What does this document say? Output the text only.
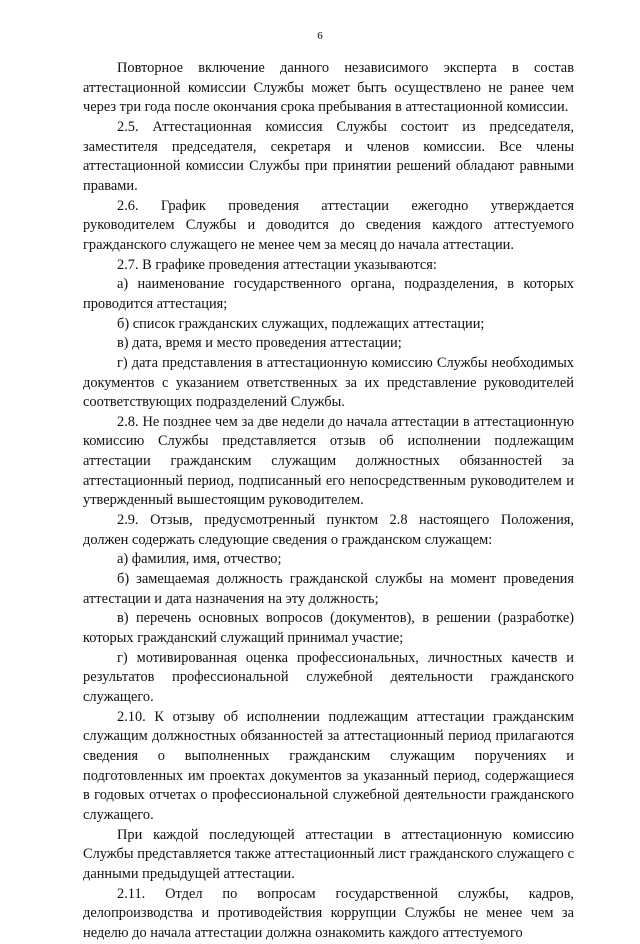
6

Повторное включение данного независимого эксперта в состав аттестационной комиссии Службы может быть осуществлено не ранее чем через три года после окончания срока пребывания в аттестационной комиссии.

2.5. Аттестационная комиссия Службы состоит из председателя, заместителя председателя, секретаря и членов комиссии. Все члены аттестационной комиссии Службы при принятии решений обладают равными правами.

2.6. График проведения аттестации ежегодно утверждается руководителем Службы и доводится до сведения каждого аттестуемого гражданского служащего не менее чем за месяц до начала аттестации.

2.7. В графике проведения аттестации указываются:

а) наименование государственного органа, подразделения, в которых проводится аттестация;

б) список гражданских служащих, подлежащих аттестации;

в) дата, время и место проведения аттестации;

г) дата представления в аттестационную комиссию Службы необходимых документов с указанием ответственных за их представление руководителей соответствующих подразделений Службы.

2.8. Не позднее чем за две недели до начала аттестации в аттестационную комиссию Службы представляется отзыв об исполнении подлежащим аттестации гражданским служащим должностных обязанностей за аттестационный период, подписанный его непосредственным руководителем и утвержденный вышестоящим руководителем.

2.9. Отзыв, предусмотренный пунктом 2.8 настоящего Положения, должен содержать следующие сведения о гражданском служащем:

а) фамилия, имя, отчество;

б) замещаемая должность гражданской службы на момент проведения аттестации и дата назначения на эту должность;

в) перечень основных вопросов (документов), в решении (разработке) которых гражданский служащий принимал участие;

г) мотивированная оценка профессиональных, личностных качеств и результатов профессиональной служебной деятельности гражданского служащего.

2.10. К отзыву об исполнении подлежащим аттестации гражданским служащим должностных обязанностей за аттестационный период прилагаются сведения о выполненных гражданским служащим поручениях и подготовленных им проектах документов за указанный период, содержащиеся в годовых отчетах о профессиональной служебной деятельности гражданского служащего.

При каждой последующей аттестации в аттестационную комиссию Службы представляется также аттестационный лист гражданского служащего с данными предыдущей аттестации.

2.11. Отдел по вопросам государственной службы, кадров, делопроизводства и противодействия коррупции Службы не менее чем за неделю до начала аттестации должна ознакомить каждого аттестуемого
